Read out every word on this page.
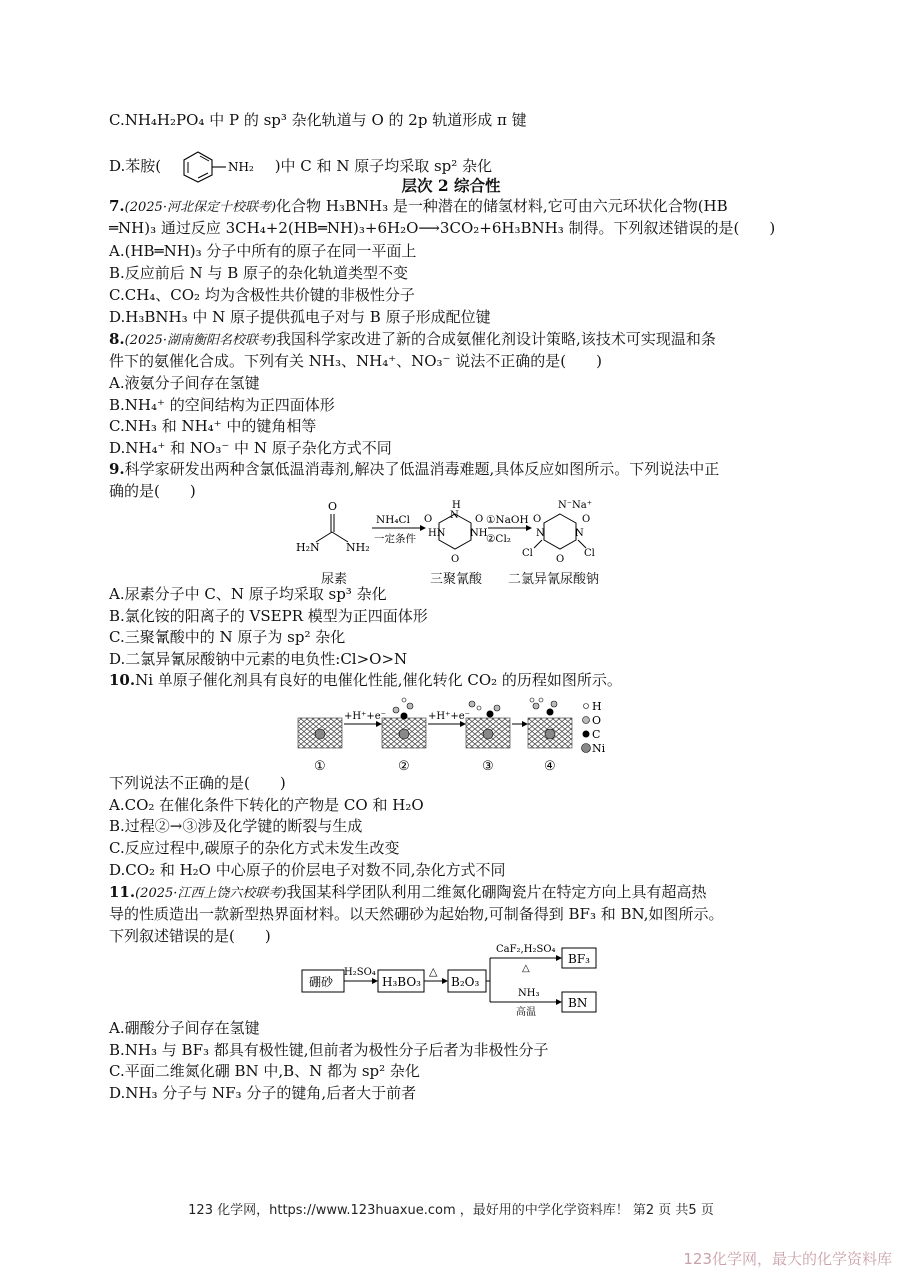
C.NH₄H₂PO₄ 中 P 的 sp³ 杂化轨道与 O 的 2p 轨道形成 π 键
D.苯胺(	NH₂ )中 C 和 N 原子均采取 sp² 杂化
层次 2 综合性
7.(2025·河北保定十校联考)化合物 H₃BNH₃ 是一种潜在的储氢材料,它可由六元环状化合物(HB
═NH)₃ 通过反应 3CH₄+2(HB═NH)₃+6H₂O⟶3CO₂+6H₃BNH₃ 制得。下列叙述错误的是(　　)
A.(HB═NH)₃ 分子中所有的原子在同一平面上
B.反应前后 N 与 B 原子的杂化轨道类型不变
C.CH₄、CO₂ 均为含极性共价键的非极性分子
D.H₃BNH₃ 中 N 原子提供孤电子对与 B 原子形成配位键
8.(2025·湖南衡阳名校联考)我国科学家改进了新的合成氨催化剂设计策略,该技术可实现温和条
件下的氨催化合成。下列有关 NH₃、NH₄⁺、NO₃⁻ 说法不正确的是(　　)
A.液氨分子间存在氢键
B.NH₄⁺ 的空间结构为正四面体形
C.NH₃ 和 NH₄⁺ 中的键角相等
D.NH₄⁺ 和 NO₃⁻ 中 N 原子杂化方式不同
9.科学家研发出两种含氯低温消毒剂,解决了低温消毒难题,具体反应如图所示。下列说法中正
确的是(　　)
O
H₂N NH₂
NH₄Cl
一定条件
H
N
O	O
HN NH
O
①NaOH
②Cl₂
N⁻Na⁺
O	O
N	N
Cl	Cl
O
尿素	三聚氰酸 二氯异氰尿酸钠
A.尿素分子中 C、N 原子均采取 sp³ 杂化
B.氯化铵的阳离子的 VSEPR 模型为正四面体形
C.三聚氰酸中的 N 原子为 sp² 杂化
D.二氯异氰尿酸钠中元素的电负性:Cl>O>N
10.Ni 单原子催化剂具有良好的电催化性能,催化转化 CO₂ 的历程如图所示。
+H⁺+e⁻	+H⁺+e⁻
①	②	③	④
H
O
C
Ni
下列说法不正确的是(　　)
A.CO₂ 在催化条件下转化的产物是 CO 和 H₂O
B.过程②→③涉及化学键的断裂与生成
C.反应过程中,碳原子的杂化方式未发生改变
D.CO₂ 和 H₂O 中心原子的价层电子对数不同,杂化方式不同
11.(2025·江西上饶六校联考)我国某科学团队利用二维氮化硼陶瓷片在特定方向上具有超高热
导的性质造出一款新型热界面材料。以天然硼砂为起始物,可制备得到 BF₃ 和 BN,如图所示。
下列叙述错误的是(　　)
硼砂
H₂SO₄
H₃BO₃
△
B₂O₃
CaF₂,H₂SO₄
△
NH₃
高温
BF₃
BN
A.硼酸分子间存在氢键
B.NH₃ 与 BF₃ 都具有极性键,但前者为极性分子后者为非极性分子
C.平面二维氮化硼 BN 中,B、N 都为 sp² 杂化
D.NH₃ 分子与 NF₃ 分子的键角,后者大于前者
123 化学网，https://www.123huaxue.com ，最好用的中学化学资料库！ 第2 页 共5 页
123化学网，最大的化学资料库
